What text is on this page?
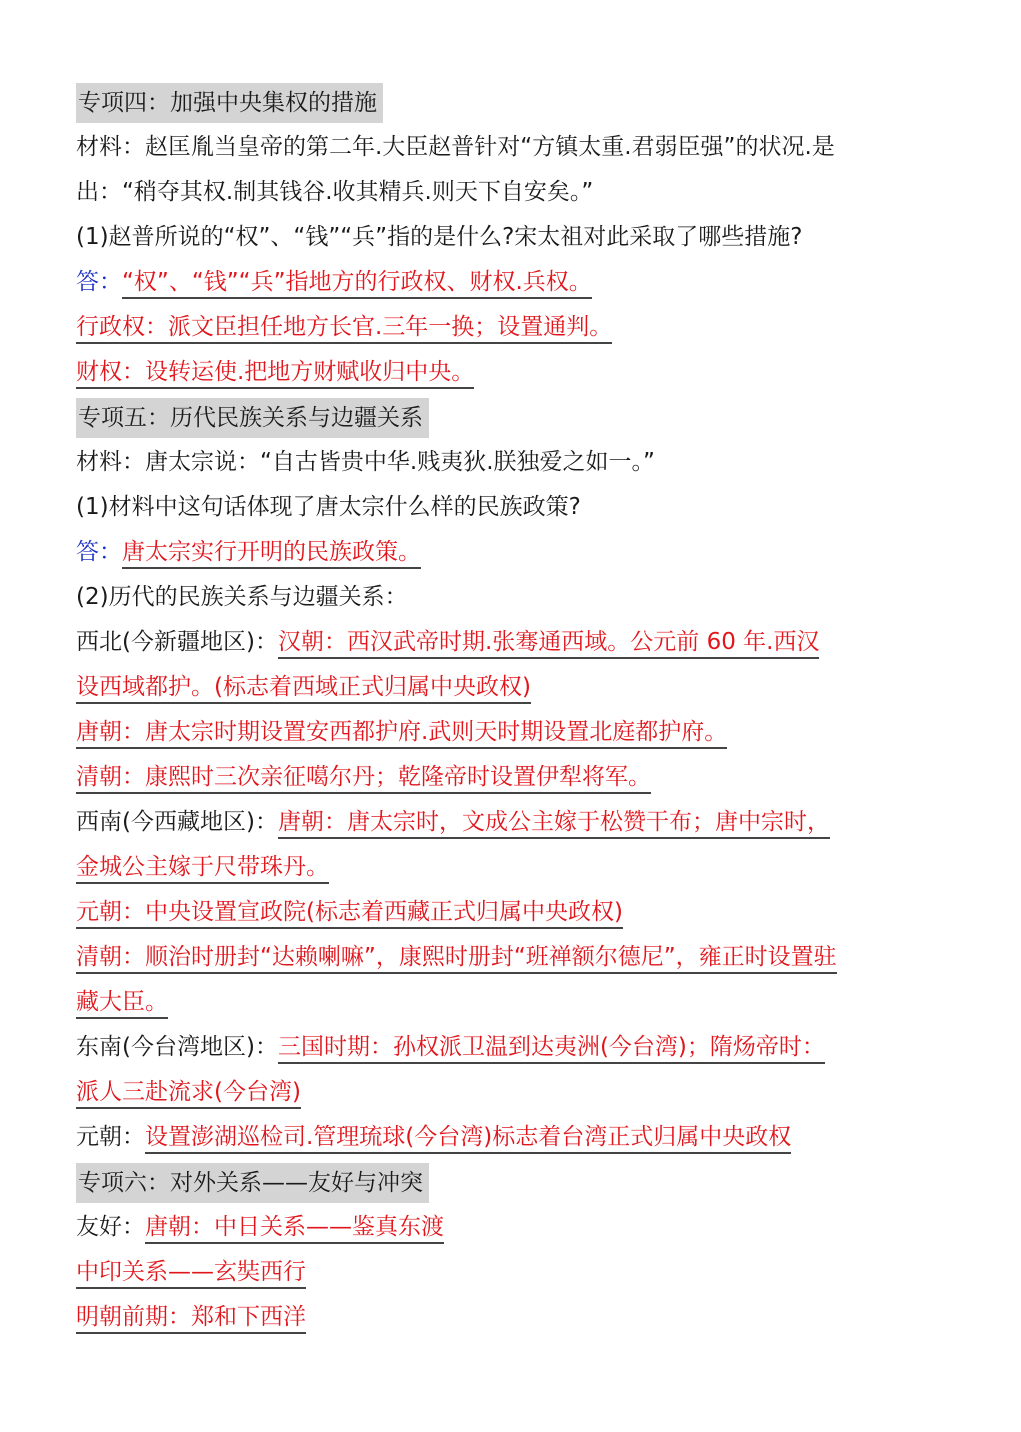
专项四：加强中央集权的措施
材料：赵匡胤当皇帝的第二年.大臣赵普针对“方镇太重.君弱臣强”的状况.是
出：“稍夺其权.制其钱谷.收其精兵.则天下自安矣。”
(1)赵普所说的“权”、“钱”“兵”指的是什么?宋太祖对此采取了哪些措施?
答：“权”、“钱”“兵”指地方的行政权、财权.兵权。
行政权：派文臣担任地方长官.三年一换；设置通判。
财权：设转运使.把地方财赋收归中央。
专项五：历代民族关系与边疆关系
材料：唐太宗说：“自古皆贵中华.贱夷狄.朕独爱之如一。”
(1)材料中这句话体现了唐太宗什么样的民族政策?
答：唐太宗实行开明的民族政策。
(2)历代的民族关系与边疆关系：
西北(今新疆地区)：汉朝：西汉武帝时期.张骞通西域。公元前 60 年.西汉
设西域都护。(标志着西域正式归属中央政权)
唐朝：唐太宗时期设置安西都护府.武则天时期设置北庭都护府。
清朝：康熙时三次亲征噶尔丹；乾隆帝时设置伊犁将军。
西南(今西藏地区)：唐朝：唐太宗时，文成公主嫁于松赞干布；唐中宗时，
金城公主嫁于尺带珠丹。
元朝：中央设置宣政院(标志着西藏正式归属中央政权)
清朝：顺治时册封“达赖喇嘛”，康熙时册封“班禅额尔德尼”，雍正时设置驻
藏大臣。
东南(今台湾地区)：三国时期：孙权派卫温到达夷洲(今台湾)；隋炀帝时：
派人三赴流求(今台湾)
元朝：设置澎湖巡检司.管理琉球(今台湾)标志着台湾正式归属中央政权
专项六：对外关系——友好与冲突
友好：唐朝：中日关系——鉴真东渡
中印关系——玄奘西行
明朝前期：郑和下西洋
